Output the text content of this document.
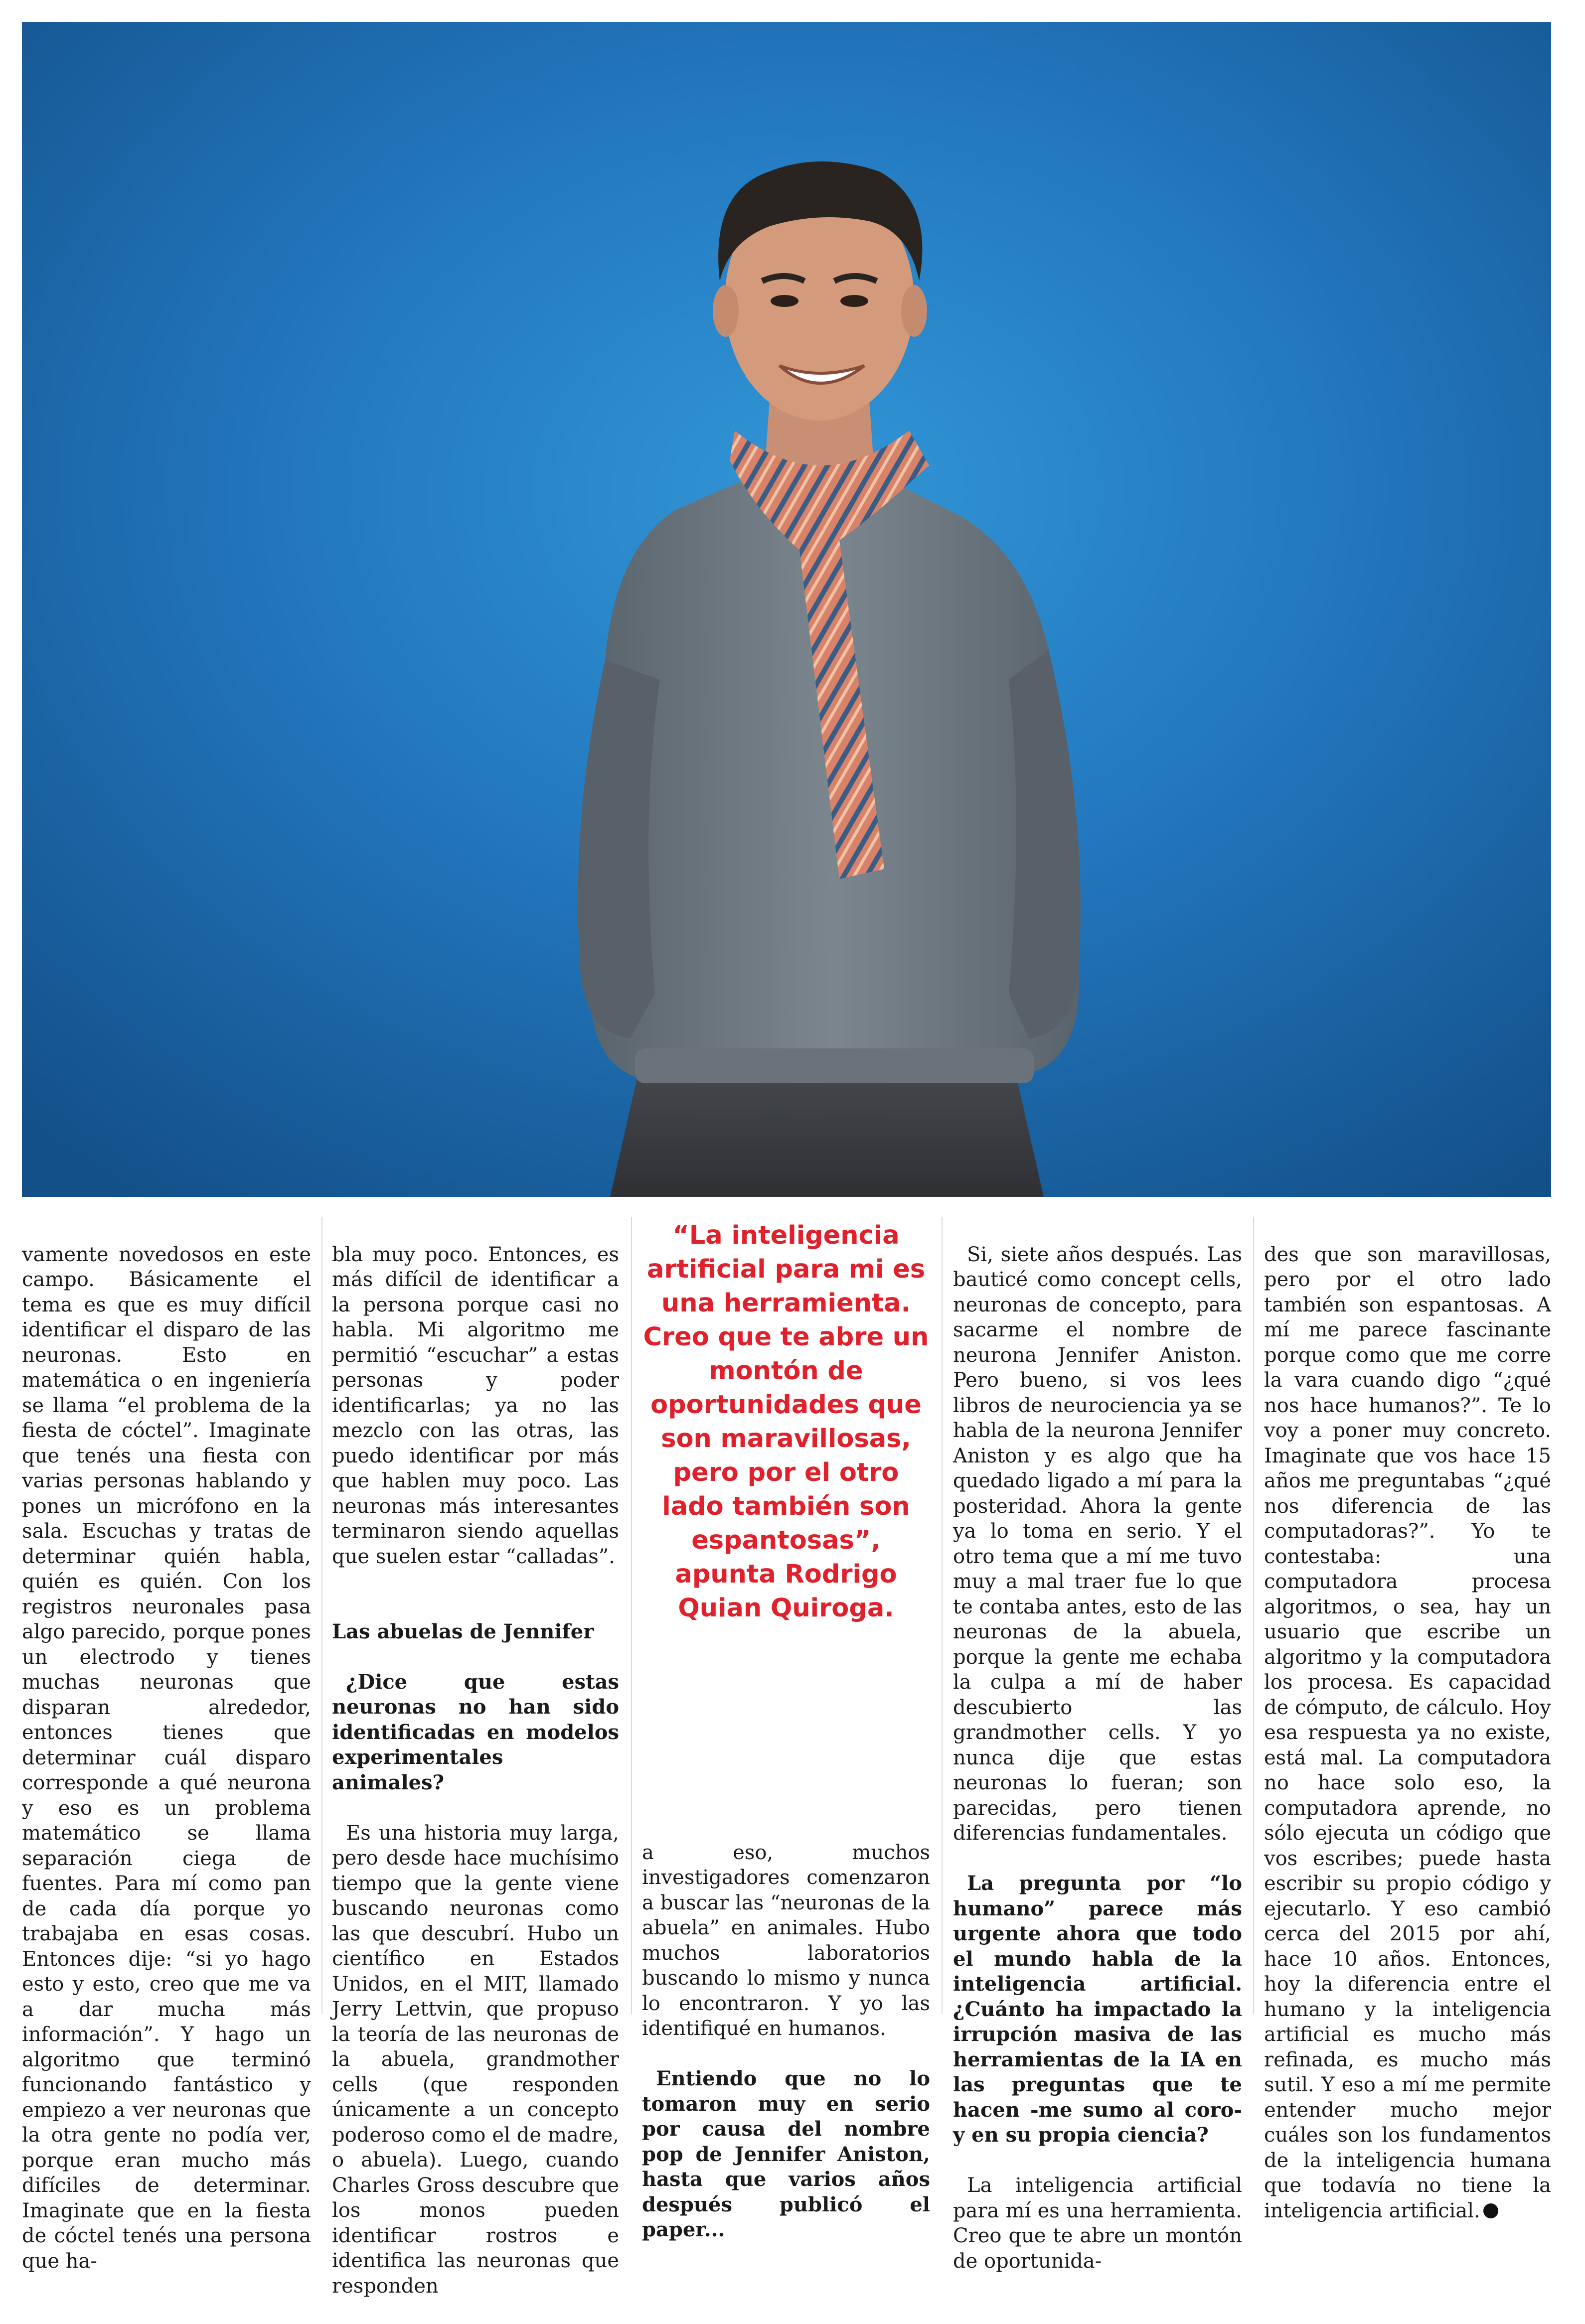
vamente novedosos en este campo. Básicamente el tema es que es muy difícil identificar el disparo de las neuronas. Esto en matemática o en ingeniería se llama “el problema de la fiesta de cóctel”. Imaginate que tenés una fiesta con varias personas hablando y pones un micrófono en la sala. Escuchas y tratas de determinar quién habla, quién es quién. Con los registros neuronales pasa algo parecido, porque pones un electrodo y tienes muchas neuronas que disparan alrededor, entonces tienes que determinar cuál disparo corresponde a qué neurona y eso es un problema matemático se llama separación ciega de fuentes. Para mí como pan de cada día porque yo trabajaba en esas cosas. Entonces dije: “si yo hago esto y esto, creo que me va a dar mucha más información”. Y hago un algoritmo que terminó funcionando fantástico y empiezo a ver neuronas que la otra gente no podía ver, porque eran mucho más difíciles de determinar. Imaginate que en la fiesta de cóctel tenés una persona que ha-

bla muy poco. Entonces, es más difícil de identificar a la persona porque casi no habla. Mi algoritmo me permitió “escuchar” a estas personas y poder identificarlas; ya no las mezclo con las otras, las puedo identificar por más que hablen muy poco. Las neuronas más interesantes terminaron siendo aquellas que suelen estar “calladas”.

Las abuelas de Jennifer

¿Dice que estas neuronas no han sido identificadas en modelos experimentales animales?

Es una historia muy larga, pero desde hace muchísimo tiempo que la gente viene buscando neuronas como las que descubrí. Hubo un científico en Estados Unidos, en el MIT, llamado Jerry Lettvin, que propuso la teoría de las neuronas de la abuela, grandmother cells (que responden únicamente a un concepto poderoso como el de madre, o abuela). Luego, cuando Charles Gross descubre que los monos pueden identificar rostros e identifica las neuronas que responden

“La inteligencia artificial para mi es una herramienta. Creo que te abre un montón de oportunidades que son maravillosas, pero por el otro lado también son espantosas”, apunta Rodrigo Quian Quiroga.

a eso, muchos investigadores comenzaron a buscar las “neuronas de la abuela” en animales. Hubo muchos laboratorios buscando lo mismo y nunca lo encontraron. Y yo las identifiqué en humanos.

Entiendo que no lo tomaron muy en serio por causa del nombre pop de Jennifer Aniston, hasta que varios años después publicó el paper...

Si, siete años después. Las bauticé como concept cells, neuronas de concepto, para sacarme el nombre de neurona Jennifer Aniston. Pero bueno, si vos lees libros de neurociencia ya se habla de la neurona Jennifer Aniston y es algo que ha quedado ligado a mí para la posteridad. Ahora la gente ya lo toma en serio. Y el otro tema que a mí me tuvo muy a mal traer fue lo que te contaba antes, esto de las neuronas de la abuela, porque la gente me echaba la culpa a mí de haber descubierto las grandmother cells. Y yo nunca dije que estas neuronas lo fueran; son parecidas, pero tienen diferencias fundamentales.

La pregunta por “lo humano” parece más urgente ahora que todo el mundo habla de la inteligencia artificial. ¿Cuánto ha impactado la irrupción masiva de las herramientas de la IA en las preguntas que te hacen -me sumo al coro- y en su propia ciencia?

La inteligencia artificial para mí es una herramienta. Creo que te abre un montón de oportunida-

des que son maravillosas, pero por el otro lado también son espantosas. A mí me parece fascinante porque como que me corre la vara cuando digo “¿qué nos hace humanos?”. Te lo voy a poner muy concreto. Imaginate que vos hace 15 años me preguntabas “¿qué nos diferencia de las computadoras?”. Yo te contestaba: una computadora procesa algoritmos, o sea, hay un usuario que escribe un algoritmo y la computadora los procesa. Es capacidad de cómputo, de cálculo. Hoy esa respuesta ya no existe, está mal. La computadora no hace solo eso, la computadora aprende, no sólo ejecuta un código que vos escribes; puede hasta escribir su propio código y ejecutarlo. Y eso cambió cerca del 2015 por ahí, hace 10 años. Entonces, hoy la diferencia entre el humano y la inteligencia artificial es mucho más refinada, es mucho más sutil. Y eso a mí me permite entender mucho mejor cuáles son los fundamentos de la inteligencia humana que todavía no tiene la inteligencia artificial.
